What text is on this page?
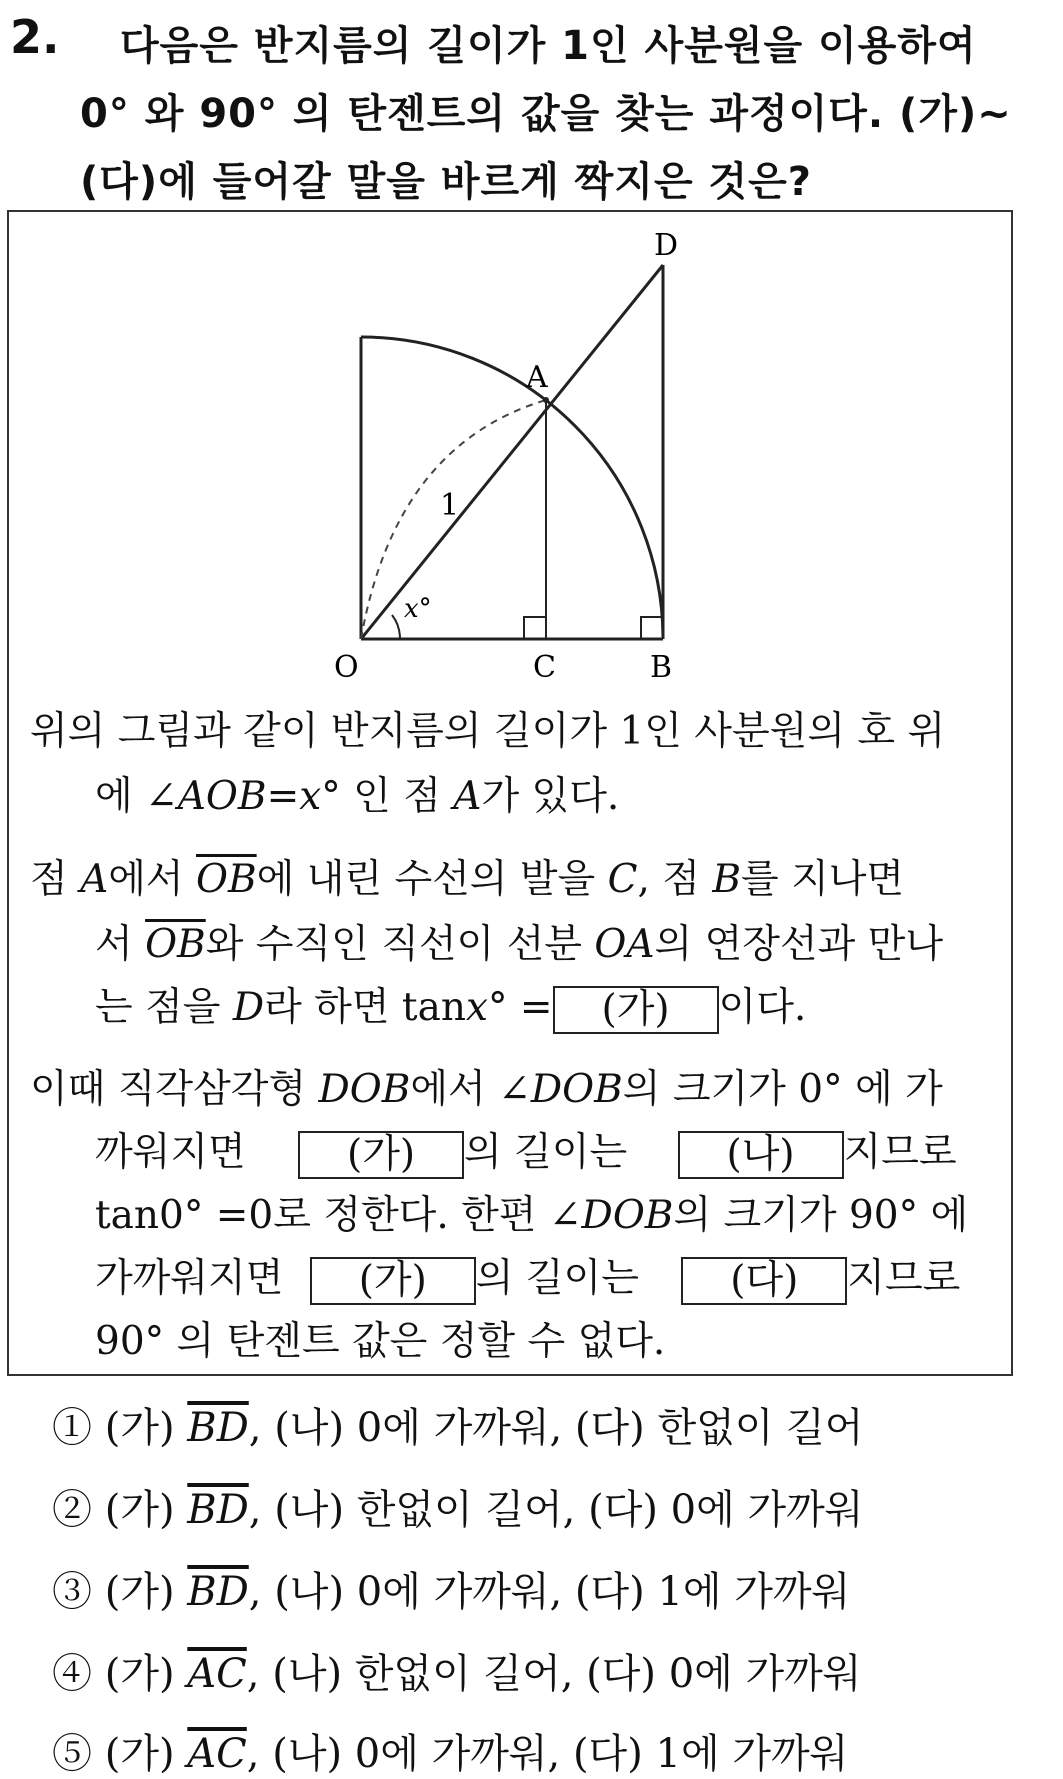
2. 다음은 반지름의 길이가 1인 사분원을 이용하여
0° 와 90° 의 탄젠트의 값을 찾는 과정이다. (가)~
(다)에 들어갈 말을 바르게 짝지은 것은?
D
A
1
x°
O	C	B
위의 그림과 같이 반지름의 길이가 1인 사분원의 호 위
에 ∠AOB=x° 인 점 A가 있다.
점 A에서 $\overline{OB}$에 내린 수선의 발을 C, 점 B를 지나면
서 $\overline{OB}$와 수직인 직선이 선분 OA의 연장선과 만나
는 점을 D라 하면 tanx° = (가) 이다.
이때 직각삼각형 DOB에서 ∠DOB의 크기가 0° 에 가
까워지면	(가) 의 길이는	(나) 지므로
tan0° =0로 정한다. 한편 ∠DOB의 크기가 90° 에
가까워지면 (가) 의 길이는 (다) 지므로
90° 의 탄젠트 값은 정할 수 없다.
① (가) $\overline{BD}$, (나) 0에 가까워, (다) 한없이 길어
② (가) $\overline{BD}$, (나) 한없이 길어, (다) 0에 가까워
③ (가) $\overline{BD}$, (나) 0에 가까워, (다) 1에 가까워
④ (가) $\overline{AC}$, (나) 한없이 길어, (다) 0에 가까워
⑤ (가) $\overline{AC}$, (나) 0에 가까워, (다) 1에 가까워
